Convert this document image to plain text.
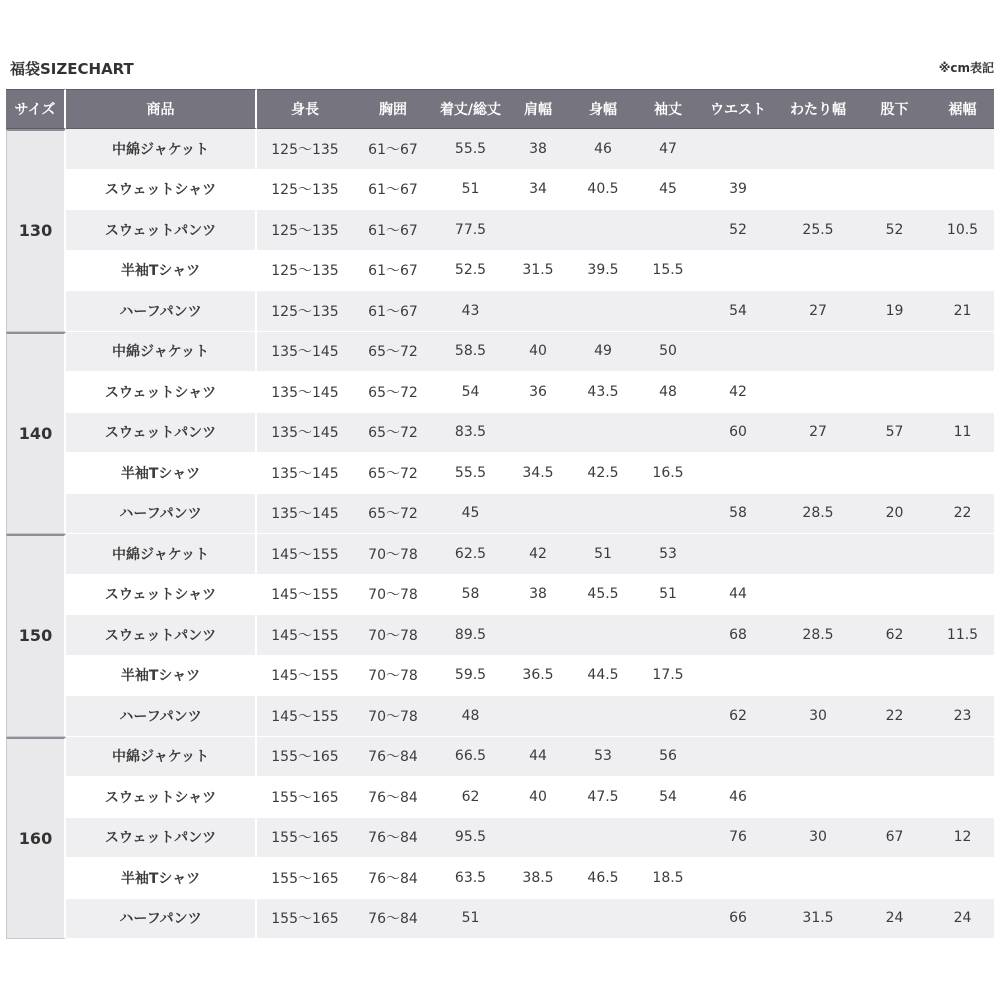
福袋SIZECHART	※cm表記
サイズ	商品	身長	胸囲	着丈/総丈	肩幅	身幅	袖丈	ウエスト	わたり幅	股下	裾幅
130	中綿ジャケット	125～135	61～67	55.5	38	46	47				
	スウェットシャツ	125～135	61～67	51	34	40.5	45	39			
	スウェットパンツ	125～135	61～67	77.5				52	25.5	52	10.5
	半袖Tシャツ	125～135	61～67	52.5	31.5	39.5	15.5				
	ハーフパンツ	125～135	61～67	43				54	27	19	21
140	中綿ジャケット	135～145	65～72	58.5	40	49	50				
	スウェットシャツ	135～145	65～72	54	36	43.5	48	42			
	スウェットパンツ	135～145	65～72	83.5				60	27	57	11
	半袖Tシャツ	135～145	65～72	55.5	34.5	42.5	16.5				
	ハーフパンツ	135～145	65～72	45				58	28.5	20	22
150	中綿ジャケット	145～155	70～78	62.5	42	51	53				
	スウェットシャツ	145～155	70～78	58	38	45.5	51	44			
	スウェットパンツ	145～155	70～78	89.5				68	28.5	62	11.5
	半袖Tシャツ	145～155	70～78	59.5	36.5	44.5	17.5				
	ハーフパンツ	145～155	70～78	48				62	30	22	23
160	中綿ジャケット	155～165	76～84	66.5	44	53	56				
	スウェットシャツ	155～165	76～84	62	40	47.5	54	46			
	スウェットパンツ	155～165	76～84	95.5				76	30	67	12
	半袖Tシャツ	155～165	76～84	63.5	38.5	46.5	18.5				
	ハーフパンツ	155～165	76～84	51				66	31.5	24	24
